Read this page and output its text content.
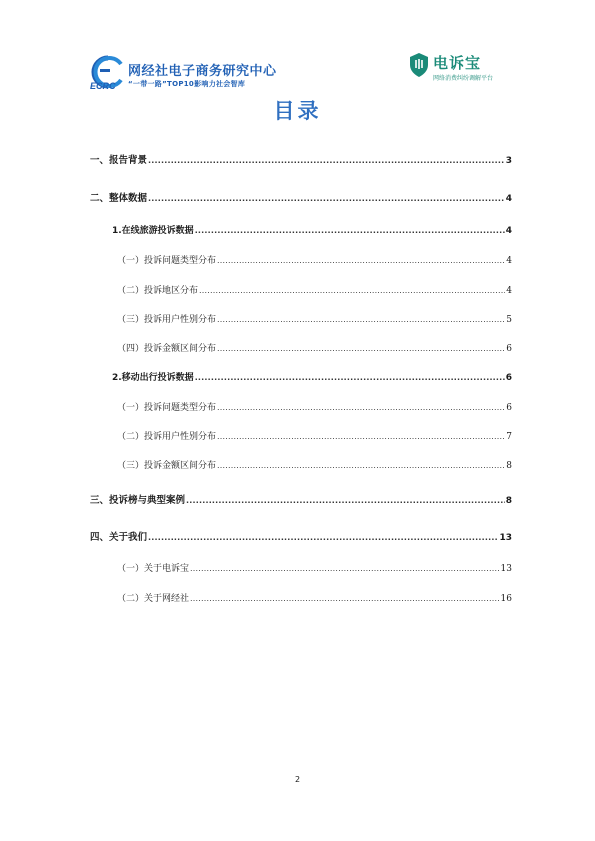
网经社电子商务研究中心
ECRC “一带一路”TOP10影响力社会智库
电诉宝
网络消费纠纷调解平台
目录
一、报告背景 .....	3
二、整体数据 .....	4
1.在线旅游投诉数据 .....	4
（一）投诉问题类型分布 .....	4
（二）投诉地区分布 .....	4
（三）投诉用户性别分布 .....	5
（四）投诉金额区间分布 .....	6
2.移动出行投诉数据 .....	6
（一）投诉问题类型分布 .....	6
（二）投诉用户性别分布 .....	7
（三）投诉金额区间分布 .....	8
三、投诉榜与典型案例 .....	8
四、关于我们 .....	13
（一）关于电诉宝 .....	13
（二）关于网经社 .....	16
2
